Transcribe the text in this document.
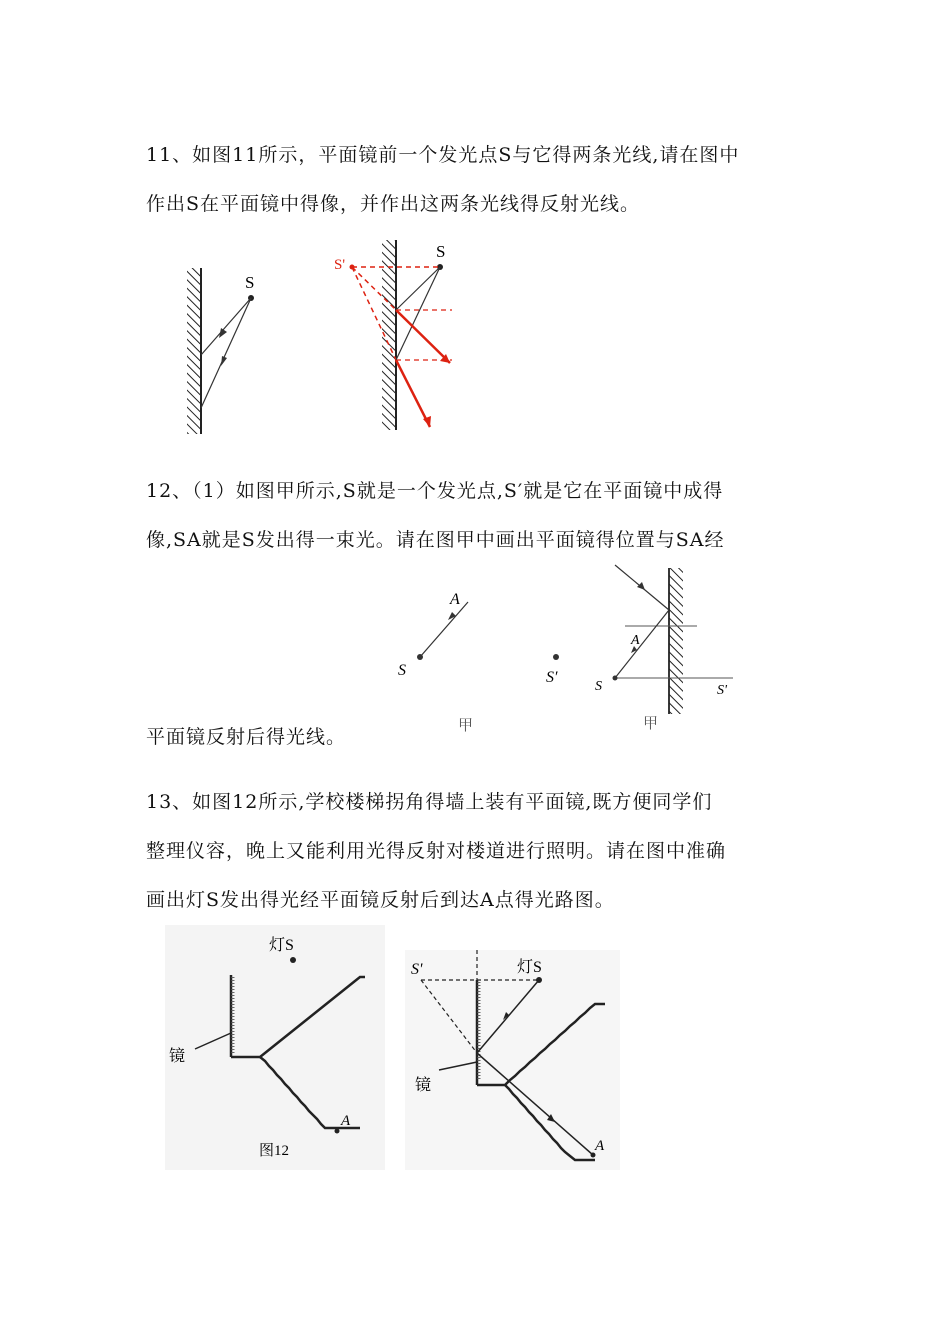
11、如图11所示，平面镜前一个发光点S与它得两条光线,请在图中
作出S在平面镜中得像，并作出这两条光线得反射光线。
S
S
S'
12、（1）如图甲所示,S就是一个发光点,S′就是它在平面镜中成得
像,SA就是S发出得一束光。请在图甲中画出平面镜得位置与SA经
A
S	S′
甲
A
S	S'
甲
平面镜反射后得光线。
13、如图12所示,学校楼梯拐角得墙上装有平面镜,既方便同学们
整理仪容，晚上又能利用光得反射对楼道进行照明。请在图中准确
画出灯S发出得光经平面镜反射后到达A点得光路图。
灯S
镜
A
图12
灯S
S'
A
镜
